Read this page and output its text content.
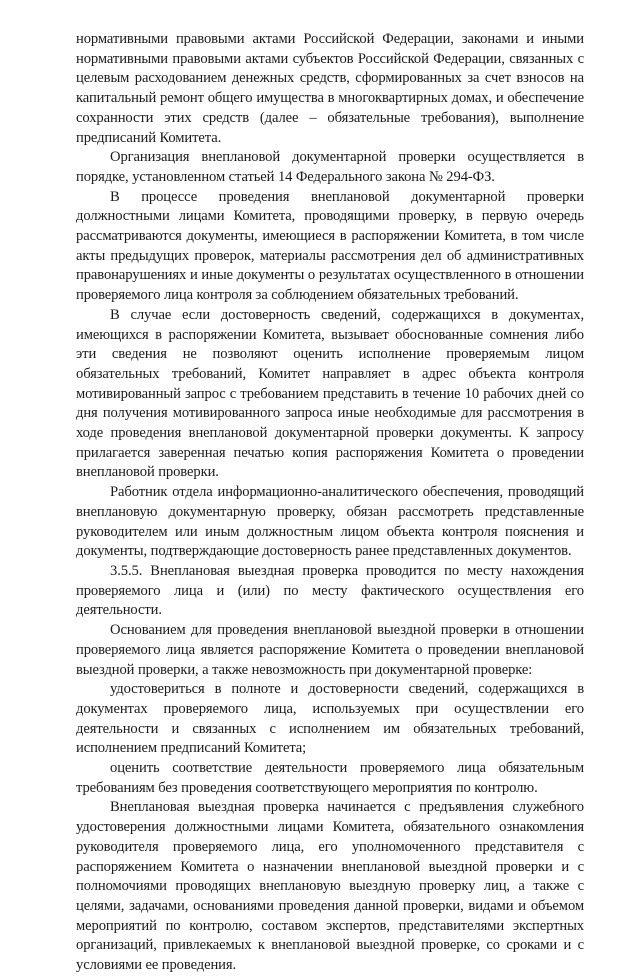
нормативными правовыми актами Российской Федерации, законами и иными нормативными правовыми актами субъектов Российской Федерации, связанных с целевым расходованием денежных средств, сформированных за счет взносов на капитальный ремонт общего имущества в многоквартирных домах, и обеспечение сохранности этих средств (далее – обязательные требования), выполнение предписаний Комитета.

Организация внеплановой документарной проверки осуществляется в порядке, установленном статьей 14 Федерального закона № 294-ФЗ.

В процессе проведения внеплановой документарной проверки должностными лицами Комитета, проводящими проверку, в первую очередь рассматриваются документы, имеющиеся в распоряжении Комитета, в том числе акты предыдущих проверок, материалы рассмотрения дел об административных правонарушениях и иные документы о результатах осуществленного в отношении проверяемого лица контроля за соблюдением обязательных требований.

В случае если достоверность сведений, содержащихся в документах, имеющихся в распоряжении Комитета, вызывает обоснованные сомнения либо эти сведения не позволяют оценить исполнение проверяемым лицом обязательных требований, Комитет направляет в адрес объекта контроля мотивированный запрос с требованием представить в течение 10 рабочих дней со дня получения мотивированного запроса иные необходимые для рассмотрения в ходе проведения внеплановой документарной проверки документы. К запросу прилагается заверенная печатью копия распоряжения Комитета о проведении внеплановой проверки.

Работник отдела информационно-аналитического обеспечения, проводящий внеплановую документарную проверку, обязан рассмотреть представленные руководителем или иным должностным лицом объекта контроля пояснения и документы, подтверждающие достоверность ранее представленных документов.

3.5.5. Внеплановая выездная проверка проводится по месту нахождения проверяемого лица и (или) по месту фактического осуществления его деятельности.

Основанием для проведения внеплановой выездной проверки в отношении проверяемого лица является распоряжение Комитета о проведении внеплановой выездной проверки, а также невозможность при документарной проверке:

удостовериться в полноте и достоверности сведений, содержащихся в документах проверяемого лица, используемых при осуществлении его деятельности и связанных с исполнением им обязательных требований, исполнением предписаний Комитета;

оценить соответствие деятельности проверяемого лица обязательным требованиям без проведения соответствующего мероприятия по контролю.

Внеплановая выездная проверка начинается с предъявления служебного удостоверения должностными лицами Комитета, обязательного ознакомления руководителя проверяемого лица, его уполномоченного представителя с распоряжением Комитета о назначении внеплановой выездной проверки и с полномочиями проводящих внеплановую выездную проверку лиц, а также с целями, задачами, основаниями проведения данной проверки, видами и объемом мероприятий по контролю, составом экспертов, представителями экспертных организаций, привлекаемых к внеплановой выездной проверке, со сроками и с условиями ее проведения.
